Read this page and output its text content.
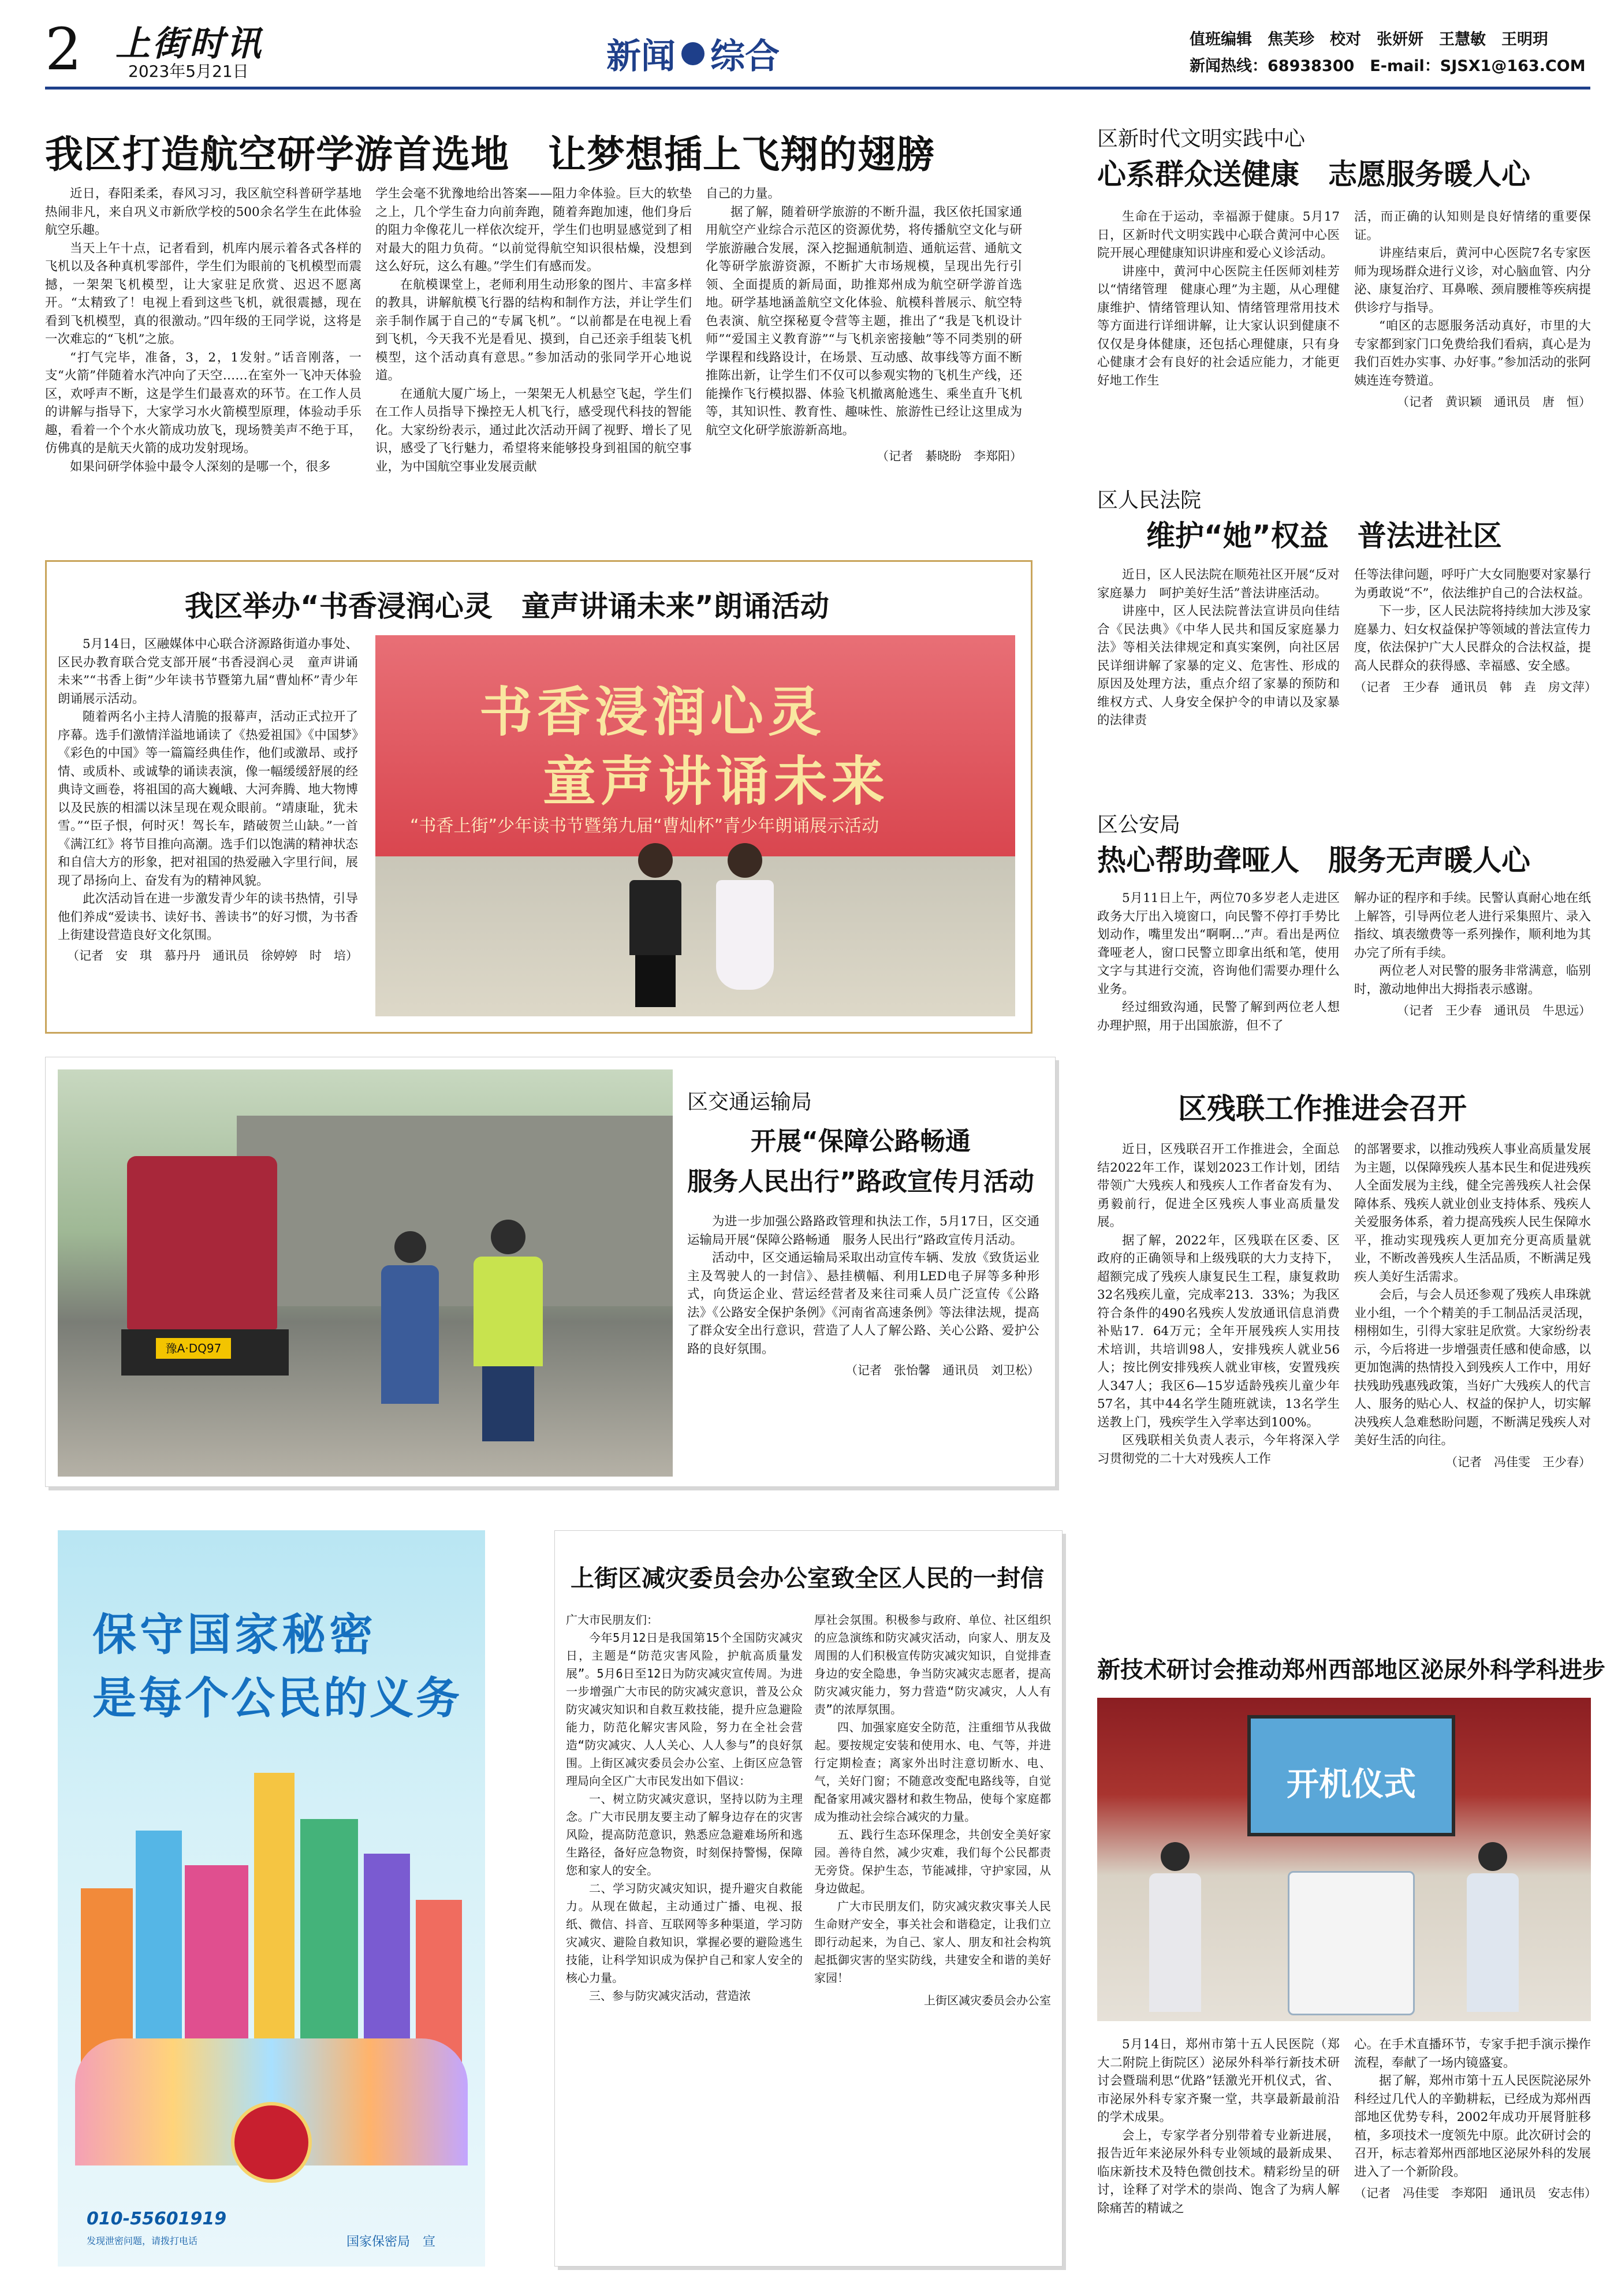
2 上街时讯
2023年5月21日	新闻 综合	值班编辑　焦芙珍　校对　张妍妍　王慧敏　王明玥
新闻热线：68938300　E-mail：SJSX1@163.COM
我区打造航空研学游首选地　让梦想插上飞翔的翅膀

近日，春阳柔柔，春风习习，我区航空科普研学基地热闹非凡，来自巩义市新欣学校的500余名学生在此体验航空乐趣。

当天上午十点，记者看到，机库内展示着各式各样的飞机以及各种真机零部件，学生们为眼前的飞机模型而震撼，一架架飞机模型，让大家驻足欣赏、迟迟不愿离开。“太精致了！电视上看到这些飞机，就很震撼，现在看到飞机模型，真的很激动。”四年级的王同学说，这将是一次难忘的“飞机”之旅。

“打气完毕，准备，3，2，1发射。”话音刚落，一支“火箭”伴随着水汽冲向了天空……在室外一飞冲天体验区，欢呼声不断，这是学生们最喜欢的环节。在工作人员的讲解与指导下，大家学习水火箭模型原理，体验动手乐趣，看着一个个水火箭成功放飞，现场赞美声不绝于耳，仿佛真的是航天火箭的成功发射现场。

如果问研学体验中最令人深刻的是哪一个，很多

学生会毫不犹豫地给出答案——阻力伞体验。巨大的软垫之上，几个学生奋力向前奔跑，随着奔跑加速，他们身后的阻力伞像花儿一样依次绽开，学生们也明显感觉到了相对最大的阻力负荷。“以前觉得航空知识很枯燥，没想到这么好玩，这么有趣。”学生们有感而发。

在航模课堂上，老师利用生动形象的图片、丰富多样的教具，讲解航模飞行器的结构和制作方法，并让学生们亲手制作属于自己的“专属飞机”。“以前都是在电视上看到飞机，今天我不光是看见、摸到，自己还亲手组装飞机模型，这个活动真有意思。”参加活动的张同学开心地说道。

在通航大厦广场上，一架架无人机悬空飞起，学生们在工作人员指导下操控无人机飞行，感受现代科技的智能化。大家纷纷表示，通过此次活动开阔了视野、增长了见识，感受了飞行魅力，希望将来能够投身到祖国的航空事业，为中国航空事业发展贡献

自己的力量。

据了解，随着研学旅游的不断升温，我区依托国家通用航空产业综合示范区的资源优势，将传播航空文化与研学旅游融合发展，深入挖掘通航制造、通航运营、通航文化等研学旅游资源，不断扩大市场规模，呈现出先行引领、全面提质的新局面，助推郑州成为航空研学游首选地。研学基地涵盖航空文化体验、航模科普展示、航空特色表演、航空探秘夏令营等主题，推出了“我是飞机设计师”“爱国主义教育游”“与飞机亲密接触”等不同类别的研学课程和线路设计，在场景、互动感、故事线等方面不断推陈出新，让学生们不仅可以参观实物的飞机生产线，还能操作飞行模拟器、体验飞机撤离舱逃生、乘坐直升飞机等，其知识性、教育性、趣味性、旅游性已经让这里成为航空文化研学旅游新高地。

（记者　綦晓盼　李郑阳）
我区举办“书香浸润心灵　童声讲诵未来”朗诵活动

5月14日，区融媒体中心联合济源路街道办事处、区民办教育联合党支部开展“书香浸润心灵　童声讲诵未来”“书香上街”少年读书节暨第九届“曹灿杯”青少年朗诵展示活动。

随着两名小主持人清脆的报幕声，活动正式拉开了序幕。选手们激情洋溢地诵读了《热爱祖国》《中国梦》《彩色的中国》等一篇篇经典佳作，他们或激昂、或抒情、或质朴、或诚挚的诵读表演，像一幅缓缓舒展的经典诗文画卷，将祖国的高大巍峨、大河奔腾、地大物博以及民族的相濡以沫呈现在观众眼前。“靖康耻，犹未雪。”“臣子恨，何时灭！驾长车，踏破贺兰山缺。”一首《满江红》将节目推向高潮。选手们以饱满的精神状态和自信大方的形象，把对祖国的热爱融入字里行间，展现了昂扬向上、奋发有为的精神风貌。

此次活动旨在进一步激发青少年的读书热情，引导他们养成“爱读书、读好书、善读书”的好习惯，为书香上街建设营造良好文化氛围。

（记者　安　琪　慕丹丹　通讯员　徐婷婷　时　培）
书香浸润心灵
童声讲诵未来
“书香上街”少年读书节暨第九届“曹灿杯”青少年朗诵展示活动
豫A·DQ97
区交通运输局
开展“保障公路畅通
服务人民出行”路政宣传月活动

为进一步加强公路路政管理和执法工作，5月17日，区交通运输局开展“保障公路畅通　服务人民出行”路政宣传月活动。

活动中，区交通运输局采取出动宣传车辆、发放《致货运业主及驾驶人的一封信》、悬挂横幅、利用LED电子屏等多种形式，向货运企业、营运经营者及来往司乘人员广泛宣传《公路法》《公路安全保护条例》《河南省高速条例》等法律法规，提高了群众安全出行意识，营造了人人了解公路、关心公路、爱护公路的良好氛围。

（记者　张怡馨　通讯员　刘卫松）
保守国家秘密
是每个公民的义务
010-55601919
发现泄密问题，请拨打电话	国家保密局　宣
上街区减灾委员会办公室致全区人民的一封信

广大市民朋友们：

今年5月12日是我国第15个全国防灾减灾日，主题是“防范灾害风险，护航高质量发展”。5月6日至12日为防灾减灾宣传周。为进一步增强广大市民的防灾减灾意识，普及公众防灾减灾知识和自救互救技能，提升应急避险能力，防范化解灾害风险，努力在全社会营造“防灾减灾、人人关心、人人参与”的良好氛围。上街区减灾委员会办公室、上街区应急管理局向全区广大市民发出如下倡议：

一、树立防灾减灾意识，坚持以防为主理念。广大市民朋友要主动了解身边存在的灾害风险，提高防范意识，熟悉应急避难场所和逃生路径，备好应急物资，时刻保持警惕，保障您和家人的安全。

二、学习防灾减灾知识，提升避灾自救能力。从现在做起，主动通过广播、电视、报纸、微信、抖音、互联网等多种渠道，学习防灾减灾、避险自救知识，掌握必要的避险逃生技能，让科学知识成为保护自己和家人安全的核心力量。

三、参与防灾减灾活动，营造浓

厚社会氛围。积极参与政府、单位、社区组织的应急演练和防灾减灾活动，向家人、朋友及周围的人们积极宣传防灾减灾知识，自觉排查身边的安全隐患，争当防灾减灾志愿者，提高防灾减灾能力，努力营造“防灾减灾，人人有责”的浓厚氛围。

四、加强家庭安全防范，注重细节从我做起。要按规定安装和使用水、电、气等，并进行定期检查；离家外出时注意切断水、电、气，关好门窗；不随意改变配电路线等，自觉配备家用减灾器材和救生物品，使每个家庭都成为推动社会综合减灾的力量。

五、践行生态环保理念，共创安全美好家园。善待自然，减少灾难，我们每个公民都责无旁贷。保护生态，节能减排，守护家园，从身边做起。

广大市民朋友们，防灾减灾救灾事关人民生命财产安全，事关社会和谐稳定，让我们立即行动起来，为自己、家人、朋友和社会构筑起抵御灾害的坚实防线，共建安全和谐的美好家园！

上街区减灾委员会办公室
区新时代文明实践中心
心系群众送健康　志愿服务暖人心

生命在于运动，幸福源于健康。5月17日，区新时代文明实践中心联合黄河中心医院开展心理健康知识讲座和爱心义诊活动。

讲座中，黄河中心医院主任医师刘桂芳以“情绪管理　健康心理”为主题，从心理健康维护、情绪管理认知、情绪管理常用技术等方面进行详细讲解，让大家认识到健康不仅仅是身体健康，还包括心理健康，只有身心健康才会有良好的社会适应能力，才能更好地工作生

活，而正确的认知则是良好情绪的重要保证。

讲座结束后，黄河中心医院7名专家医师为现场群众进行义诊，对心脑血管、内分泌、康复治疗、耳鼻喉、颈肩腰椎等疾病提供诊疗与指导。

“咱区的志愿服务活动真好，市里的大专家都到家门口免费给我们看病，真心是为我们百姓办实事、办好事。”参加活动的张阿姨连连夸赞道。

（记者　黄识颖　通讯员　唐　恒）
区人民法院
维护“她”权益　普法进社区

近日，区人民法院在顺苑社区开展“反对家庭暴力　呵护美好生活”普法讲座活动。

讲座中，区人民法院普法宣讲员向佳结合《民法典》《中华人民共和国反家庭暴力法》等相关法律规定和真实案例，向社区居民详细讲解了家暴的定义、危害性、形成的原因及处理方法，重点介绍了家暴的预防和维权方式、人身安全保护令的申请以及家暴的法律责

任等法律问题，呼吁广大女同胞要对家暴行为勇敢说“不”，依法维护自己的合法权益。

下一步，区人民法院将持续加大涉及家庭暴力、妇女权益保护等领域的普法宣传力度，依法保护广大人民群众的合法权益，提高人民群众的获得感、幸福感、安全感。

（记者　王少春　通讯员　韩　垚　房文萍）
区公安局
热心帮助聋哑人　服务无声暖人心

5月11日上午，两位70多岁老人走进区政务大厅出入境窗口，向民警不停打手势比划动作，嘴里发出“啊啊…”声。看出是两位聋哑老人，窗口民警立即拿出纸和笔，使用文字与其进行交流，咨询他们需要办理什么业务。

经过细致沟通，民警了解到两位老人想办理护照，用于出国旅游，但不了

解办证的程序和手续。民警认真耐心地在纸上解答，引导两位老人进行采集照片、录入指纹、填表缴费等一系列操作，顺利地为其办完了所有手续。

两位老人对民警的服务非常满意，临别时，激动地伸出大拇指表示感谢。

（记者　王少春　通讯员　牛思远）
区残联工作推进会召开

近日，区残联召开工作推进会，全面总结2022年工作，谋划2023工作计划，团结带领广大残疾人和残疾人工作者奋发有为、勇毅前行，促进全区残疾人事业高质量发展。

据了解，2022年，区残联在区委、区政府的正确领导和上级残联的大力支持下，超额完成了残疾人康复民生工程，康复救助32名残疾儿童，完成率213．33%；为我区符合条件的490名残疾人发放通讯信息消费补贴17．64万元；全年开展残疾人实用技术培训，共培训98人，安排残疾人就业56人；按比例安排残疾人就业审核，安置残疾人347人；我区6—15岁适龄残疾儿童少年57名，其中44名学生随班就读，13名学生送教上门，残疾学生入学率达到100%。

区残联相关负责人表示，今年将深入学习贯彻党的二十大对残疾人工作

的部署要求，以推动残疾人事业高质量发展为主题，以保障残疾人基本民生和促进残疾人全面发展为主线，健全完善残疾人社会保障体系、残疾人就业创业支持体系、残疾人关爱服务体系，着力提高残疾人民生保障水平，推动实现残疾人更加充分更高质量就业，不断改善残疾人生活品质，不断满足残疾人美好生活需求。

会后，与会人员还参观了残疾人串珠就业小组，一个个精美的手工制品活灵活现，栩栩如生，引得大家驻足欣赏。大家纷纷表示，今后将进一步增强责任感和使命感，以更加饱满的热情投入到残疾人工作中，用好扶残助残惠残政策，当好广大残疾人的代言人、服务的贴心人、权益的保护人，切实解决残疾人急难愁盼问题，不断满足残疾人对美好生活的向往。

（记者　冯佳雯　王少春）
新技术研讨会推动郑州西部地区泌尿外科学科进步
开机仪式

5月14日，郑州市第十五人民医院（郑大二附院上街院区）泌尿外科举行新技术研讨会暨瑞利思“优路”铥激光开机仪式，省、市泌尿外科专家齐聚一堂，共享最新最前沿的学术成果。

会上，专家学者分别带着专业新进展，报告近年来泌尿外科专业领域的最新成果、临床新技术及特色微创技术。精彩纷呈的研讨，诠释了对学术的崇尚、饱含了为病人解除痛苦的精诚之

心。在手术直播环节，专家手把手演示操作流程，奉献了一场内镜盛宴。

据了解，郑州市第十五人民医院泌尿外科经过几代人的辛勤耕耘，已经成为郑州西部地区优势专科，2002年成功开展肾脏移植，多项技术一度领先中原。此次研讨会的召开，标志着郑州西部地区泌尿外科的发展进入了一个新阶段。

（记者　冯佳雯　李郑阳　通讯员　安志伟）
